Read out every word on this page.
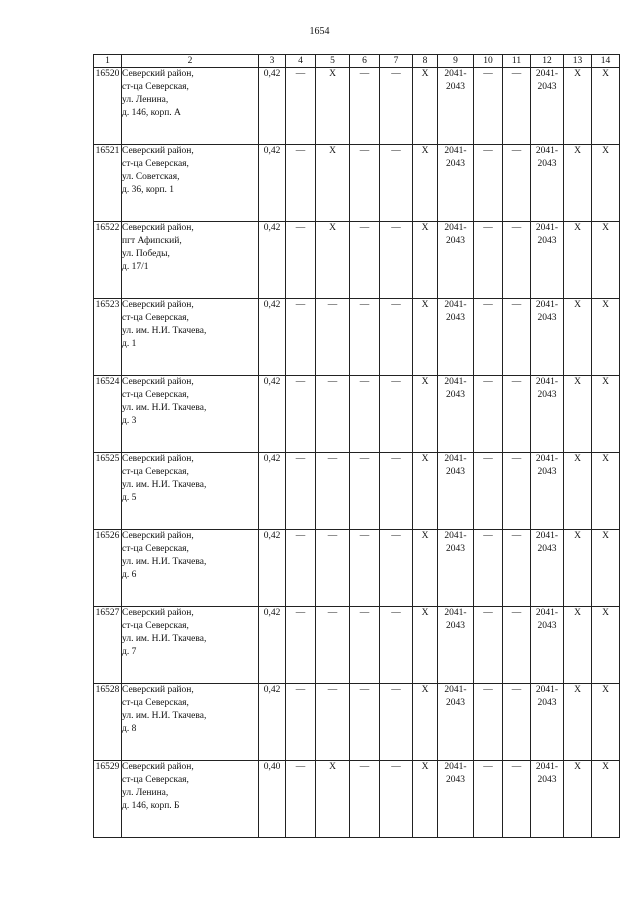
1654
1	2	3	4	5	6	7	8	9	10	11	12	13	14
16520	Северский район,
ст-ца Северская,
ул. Ленина,
д. 146, корп. А	0,42	—	X	—	—	X	2041-
2043	—	—	2041-
2043	X	X
16521	Северский район,
ст-ца Северская,
ул. Советская,
д. 36, корп. 1	0,42	—	X	—	—	X	2041-
2043	—	—	2041-
2043	X	X
16522	Северский район,
пгт Афипский,
ул. Победы,
д. 17/1	0,42	—	X	—	—	X	2041-
2043	—	—	2041-
2043	X	X
16523	Северский район,
ст-ца Северская,
ул. им. Н.И. Ткачева,
д. 1	0,42	—	—	—	—	X	2041-
2043	—	—	2041-
2043	X	X
16524	Северский район,
ст-ца Северская,
ул. им. Н.И. Ткачева,
д. 3	0,42	—	—	—	—	X	2041-
2043	—	—	2041-
2043	X	X
16525	Северский район,
ст-ца Северская,
ул. им. Н.И. Ткачева,
д. 5	0,42	—	—	—	—	X	2041-
2043	—	—	2041-
2043	X	X
16526	Северский район,
ст-ца Северская,
ул. им. Н.И. Ткачева,
д. 6	0,42	—	—	—	—	X	2041-
2043	—	—	2041-
2043	X	X
16527	Северский район,
ст-ца Северская,
ул. им. Н.И. Ткачева,
д. 7	0,42	—	—	—	—	X	2041-
2043	—	—	2041-
2043	X	X
16528	Северский район,
ст-ца Северская,
ул. им. Н.И. Ткачева,
д. 8	0,42	—	—	—	—	X	2041-
2043	—	—	2041-
2043	X	X
16529	Северский район,
ст-ца Северская,
ул. Ленина,
д. 146, корп. Б	0,40	—	X	—	—	X	2041-
2043	—	—	2041-
2043	X	X
